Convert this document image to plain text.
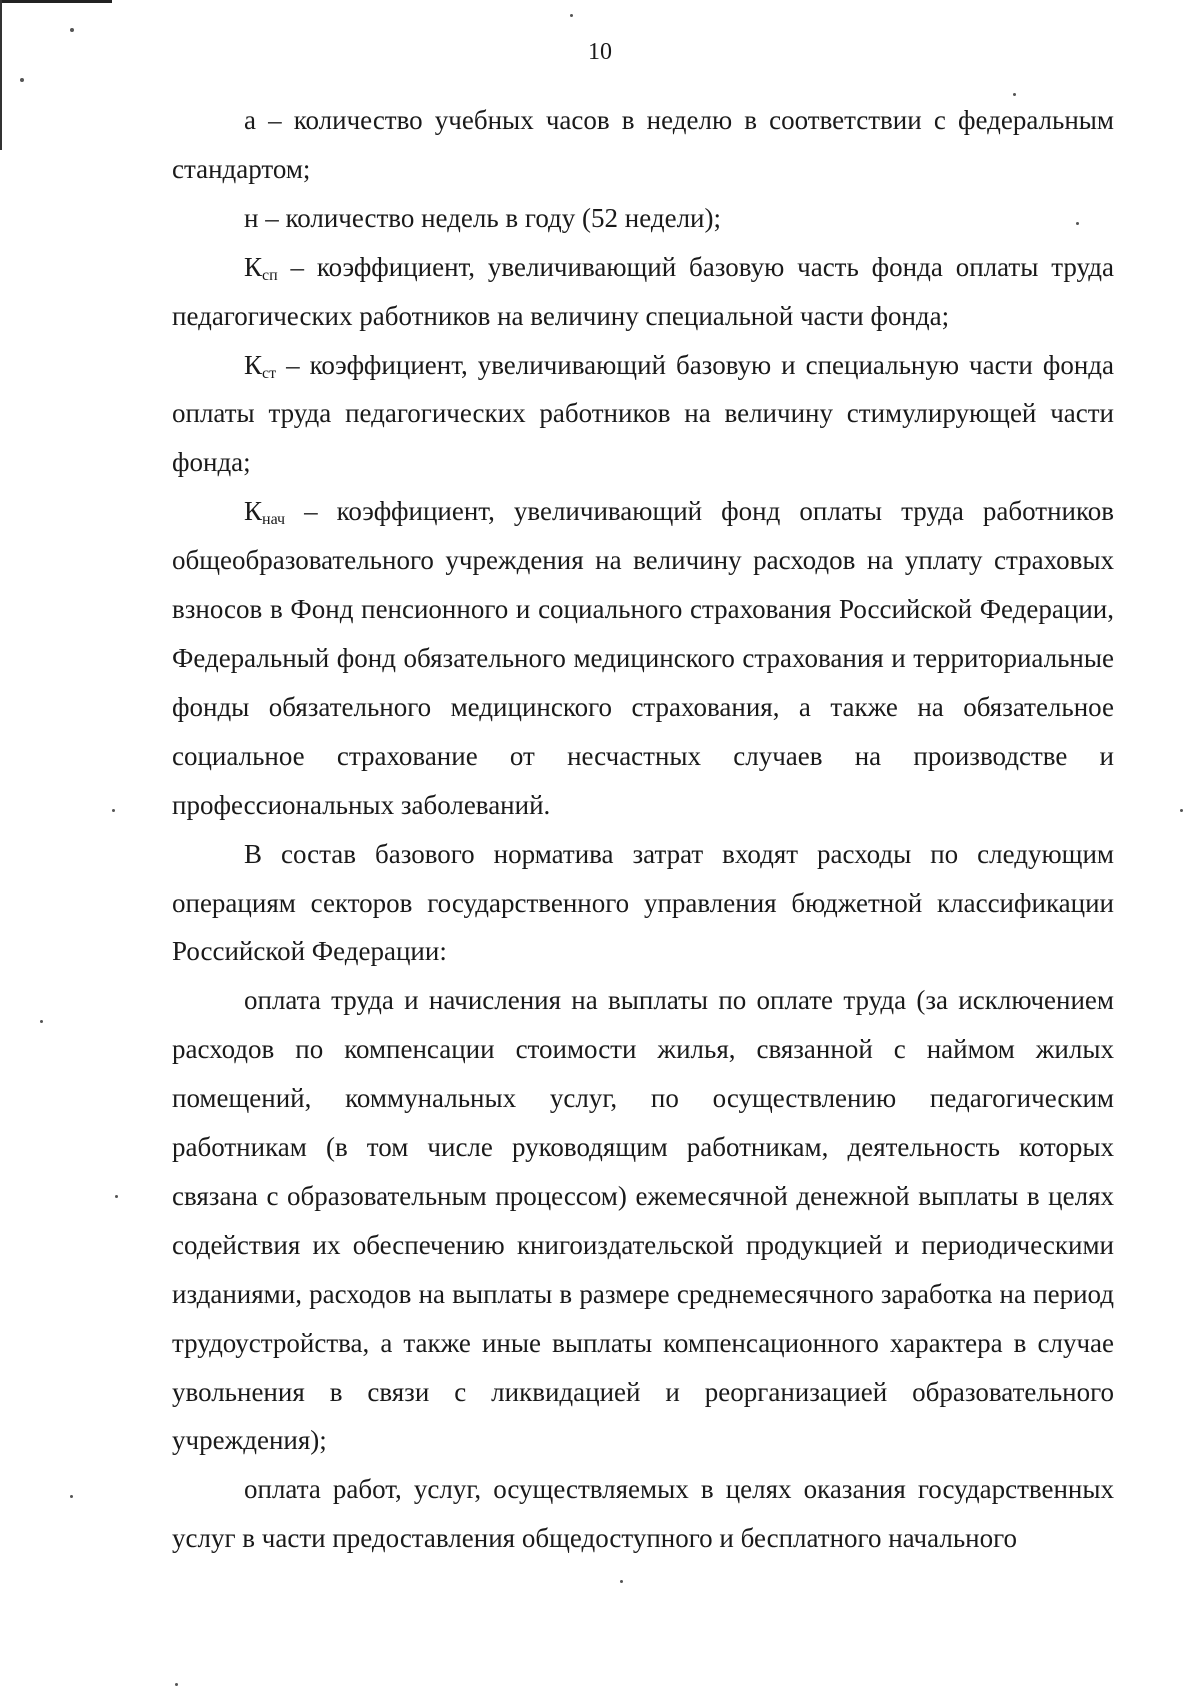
10

а – количество учебных часов в неделю в соответствии с федеральным стандартом;

н – количество недель в году (52 недели);

$К_{сп}$ – коэффициент, увеличивающий базовую часть фонда оплаты труда педагогических работников на величину специальной части фонда;

$К_{ст}$ – коэффициент, увеличивающий базовую и специальную части фонда оплаты труда педагогических работников на величину стимулирующей части фонда;

$К_{нач}$ – коэффициент, увеличивающий фонд оплаты труда работников общеобразовательного учреждения на величину расходов на уплату страховых взносов в Фонд пенсионного и социального страхования Российской Федерации, Федеральный фонд обязательного медицинского страхования и территориальные фонды обязательного медицинского страхования, а также на обязательное социальное страхование от несчастных случаев на производстве и профессиональных заболеваний.

В состав базового норматива затрат входят расходы по следующим операциям секторов государственного управления бюджетной классификации Российской Федерации:

оплата труда и начисления на выплаты по оплате труда (за исключением расходов по компенсации стоимости жилья, связанной с наймом жилых помещений, коммунальных услуг, по осуществлению педагогическим работникам (в том числе руководящим работникам, деятельность которых связана с образовательным процессом) ежемесячной денежной выплаты в целях содействия их обеспечению книгоиздательской продукцией и периодическими изданиями, расходов на выплаты в размере среднемесячного заработка на период трудоустройства, а также иные выплаты компенсационного характера в случае увольнения в связи с ликвидацией и реорганизацией образовательного учреждения);

оплата работ, услуг, осуществляемых в целях оказания государственных услуг в части предоставления общедоступного и бесплатного начального
